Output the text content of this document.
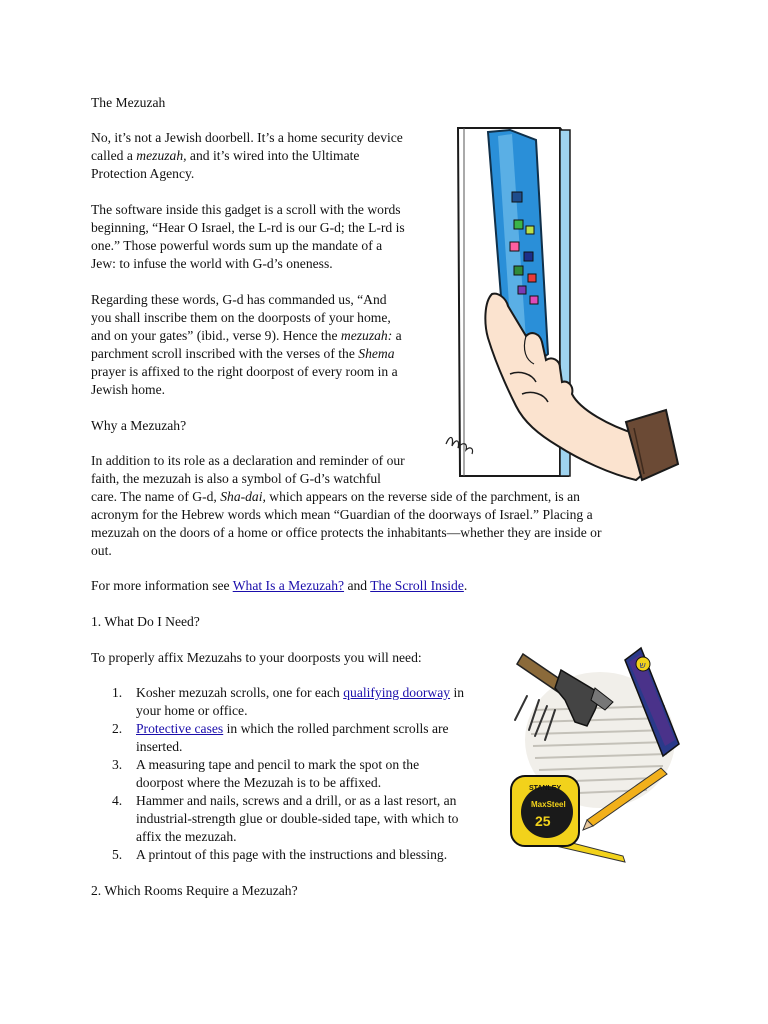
The Mezuzah
No, it’s not a Jewish doorbell. It’s a home security device
called a mezuzah, and it’s wired into the Ultimate
Protection Agency.
The software inside this gadget is a scroll with the words
beginning, “Hear O Israel, the L-rd is our G-d; the L-rd is
one.” Those powerful words sum up the mandate of a
Jew: to infuse the world with G-d’s oneness.
Regarding these words, G-d has commanded us, “And
you shall inscribe them on the doorposts of your home,
and on your gates” (ibid., verse 9). Hence the mezuzah: a
parchment scroll inscribed with the verses of the Shema
prayer is affixed to the right doorpost of every room in a
Jewish home.
Why a Mezuzah?
In addition to its role as a declaration and reminder of our
faith, the mezuzah is also a symbol of G-d’s watchful
care. The name of G-d, Sha-dai, which appears on the reverse side of the parchment, is an
acronym for the Hebrew words which mean “Guardian of the doorways of Israel.” Placing a
mezuzah on the doors of a home or office protects the inhabitants—whether they are inside or
out.
For more information see What Is a Mezuzah? and The Scroll Inside.
1. What Do I Need?
To properly affix Mezuzahs to your doorposts you will need:
1. Kosher mezuzah scrolls, one for each qualifying doorway in
your home or office.
2. Protective cases in which the rolled parchment scrolls are
inserted.
3. A measuring tape and pencil to mark the spot on the
doorpost where the Mezuzah is to be affixed.
4. Hammer and nails, screws and a drill, or as a last resort, an
industrial-strength glue or double-sided tape, with which to
affix the mezuzah.
5. A printout of this page with the instructions and blessing.
2. Which Rooms Require a Mezuzah?
ש
STANLEY
MaxSteel
25
